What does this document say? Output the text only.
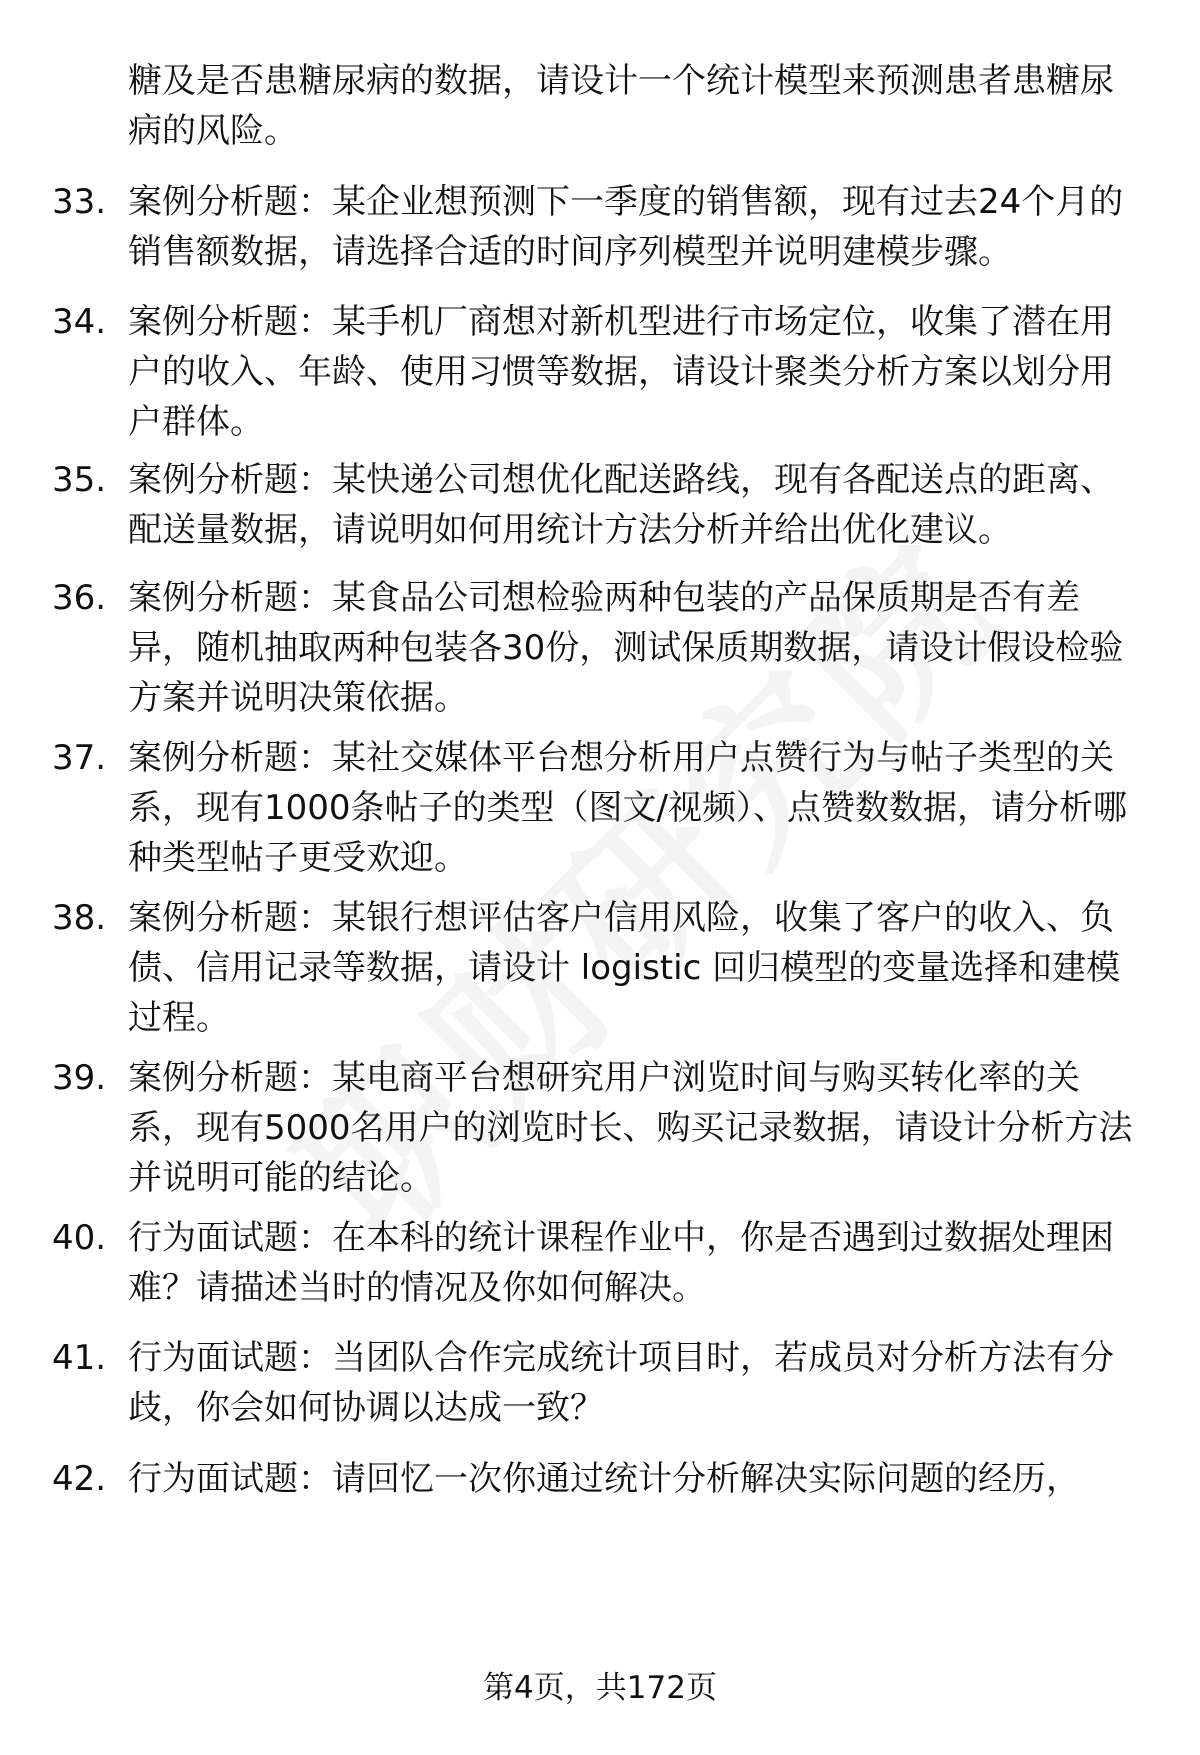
糖及是否患糖尿病的数据，请设计一个统计模型来预测患者患糖尿病的风险。
33. 案例分析题：某企业想预测下一季度的销售额，现有过去24个月的销售额数据，请选择合适的时间序列模型并说明建模步骤。
34. 案例分析题：某手机厂商想对新机型进行市场定位，收集了潜在用户的收入、年龄、使用习惯等数据，请设计聚类分析方案以划分用户群体。
35. 案例分析题：某快递公司想优化配送路线，现有各配送点的距离、配送量数据，请说明如何用统计方法分析并给出优化建议。
36. 案例分析题：某食品公司想检验两种包装的产品保质期是否有差异，随机抽取两种包装各30份，测试保质期数据，请设计假设检验方案并说明决策依据。
37. 案例分析题：某社交媒体平台想分析用户点赞行为与帖子类型的关系，现有1000条帖子的类型（图文/视频）、点赞数数据，请分析哪种类型帖子更受欢迎。
38. 案例分析题：某银行想评估客户信用风险，收集了客户的收入、负债、信用记录等数据，请设计 logistic 回归模型的变量选择和建模过程。
39. 案例分析题：某电商平台想研究用户浏览时间与购买转化率的关系，现有5000名用户的浏览时长、购买记录数据，请设计分析方法并说明可能的结论。
40. 行为面试题：在本科的统计课程作业中，你是否遇到过数据处理困难？请描述当时的情况及你如何解决。
41. 行为面试题：当团队合作完成统计项目时，若成员对分析方法有分歧，你会如何协调以达成一致？
42. 行为面试题：请回忆一次你通过统计分析解决实际问题的经历，
第4页，共172页
